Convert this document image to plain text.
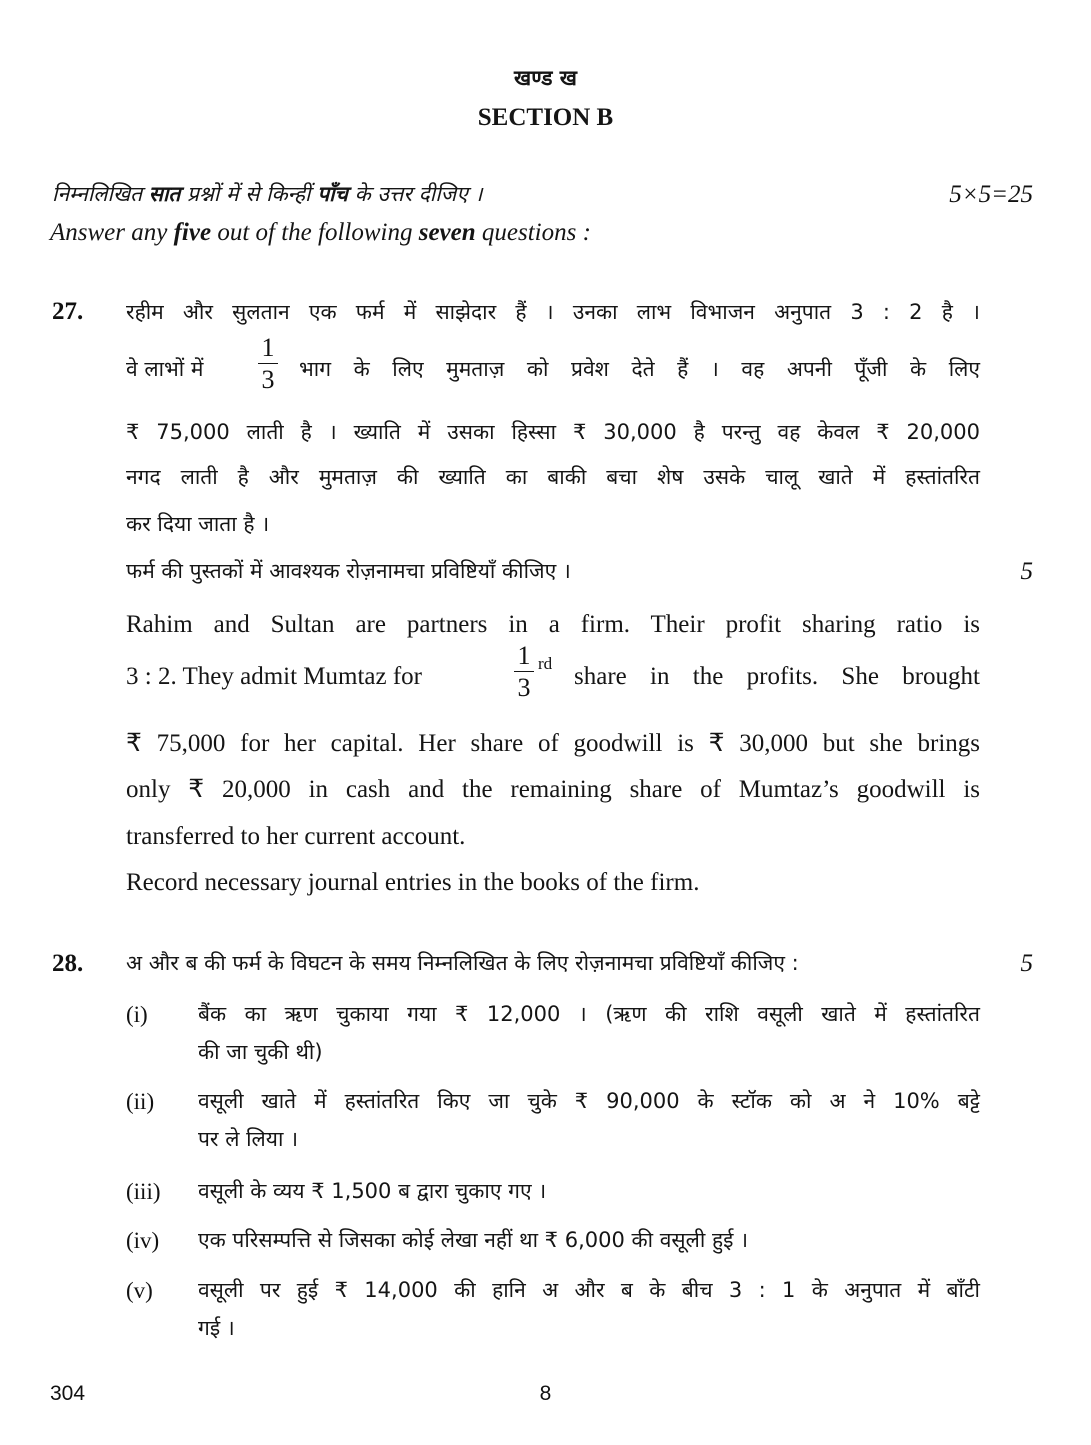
खण्ड ख
SECTION B
निम्नलिखित सात प्रश्नों में से किन्हीं पाँच के उत्तर दीजिए ।	5×5=25
Answer any five out of the following seven questions :
27. रहीम और सुलतान एक फर्म में साझेदार हैं । उनका लाभ विभाजन अनुपात 3 : 2 है ।
वे लाभों में
1
3 भाग के लिए मुमताज़ को प्रवेश देते हैं । वह अपनी पूँजी के लिए
₹ 75,000 लाती है । ख्याति में उसका हिस्सा ₹ 30,000 है परन्तु वह केवल ₹ 20,000
नगद लाती है और मुमताज़ की ख्याति का बाकी बचा शेष उसके चालू खाते में हस्तांतरित
कर दिया जाता है ।
फर्म की पुस्तकों में आवश्यक रोज़नामचा प्रविष्टियाँ कीजिए ।	5
Rahim and Sultan are partners in a firm. Their profit sharing ratio is
3 : 2. They admit Mumtaz for
1
3
rd share in the profits. She brought
₹ 75,000 for her capital. Her share of goodwill is ₹ 30,000 but she brings
only ₹ 20,000 in cash and the remaining share of Mumtaz’s goodwill is
transferred to her current account.
Record necessary journal entries in the books of the firm.
28. अ और ब की फर्म के विघटन के समय निम्नलिखित के लिए रोज़नामचा प्रविष्टियाँ कीजिए :	5
(i) बैंक का ऋण चुकाया गया ₹ 12,000 । (ऋण की राशि वसूली खाते में हस्तांतरित
की जा चुकी थी)
(ii) वसूली खाते में हस्तांतरित किए जा चुके ₹ 90,000 के स्टॉक को अ ने 10% बट्टे
पर ले लिया ।
(iii) वसूली के व्यय ₹ 1,500 ब द्वारा चुकाए गए ।
(iv) एक परिसम्पत्ति से जिसका कोई लेखा नहीं था ₹ 6,000 की वसूली हुई ।
(v) वसूली पर हुई ₹ 14,000 की हानि अ और ब के बीच 3 : 1 के अनुपात में बाँटी
गई ।
304	8
